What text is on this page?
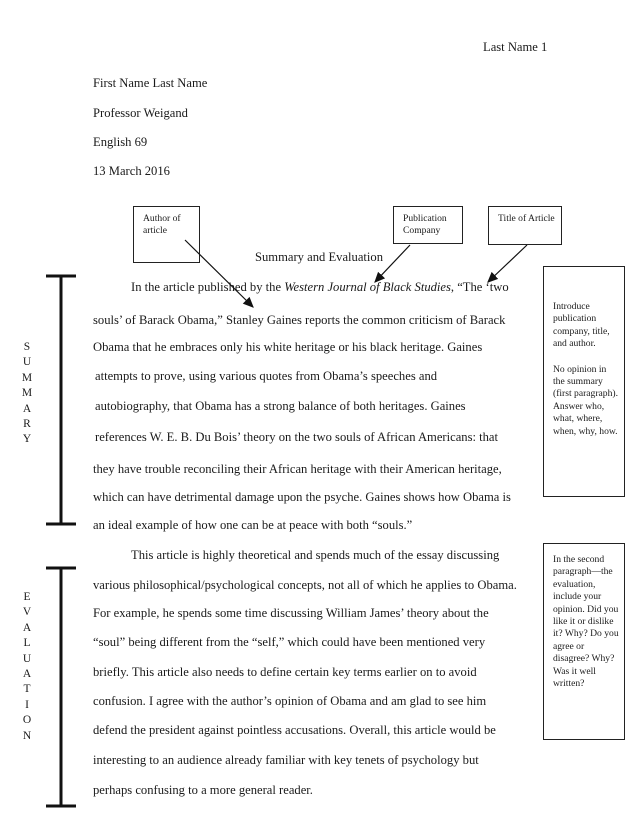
Last Name 1
First Name Last Name
Professor Weigand
English 69
13 March 2016
Author of article
Publication Company
Title of Article
Summary and Evaluation
In the article published by the Western Journal of Black Studies, “The ‘two
souls’ of Barack Obama,” Stanley Gaines reports the common criticism of Barack
Obama that he embraces only his white heritage or his black heritage. Gaines
attempts to prove, using various quotes from Obama’s speeches and
autobiography, that Obama has a strong balance of both heritages. Gaines
references W. E. B. Du Bois’ theory on the two souls of African Americans: that
they have trouble reconciling their African heritage with their American heritage,
which can have detrimental damage upon the psyche. Gaines shows how Obama is
an ideal example of how one can be at peace with both “souls.”
This article is highly theoretical and spends much of the essay discussing
various philosophical/psychological concepts, not all of which he applies to Obama.
For example, he spends some time discussing William James’ theory about the
“soul” being different from the “self,” which could have been mentioned very
briefly. This article also needs to define certain key terms earlier on to avoid
confusion. I agree with the author’s opinion of Obama and am glad to see him
defend the president against pointless accusations. Overall, this article would be
interesting to an audience already familiar with key tenets of psychology but
perhaps confusing to a more general reader.
S
U
M
M
A
R
Y
E
V
A
L
U
A
T
I
O
N
Introduce publication company, title, and author.
No opinion in the summary (first paragraph). Answer who, what, where, when, why, how.
In the second paragraph—the evaluation, include your opinion. Did you like it or dislike it? Why? Do you agree or disagree? Why? Was it well written?
